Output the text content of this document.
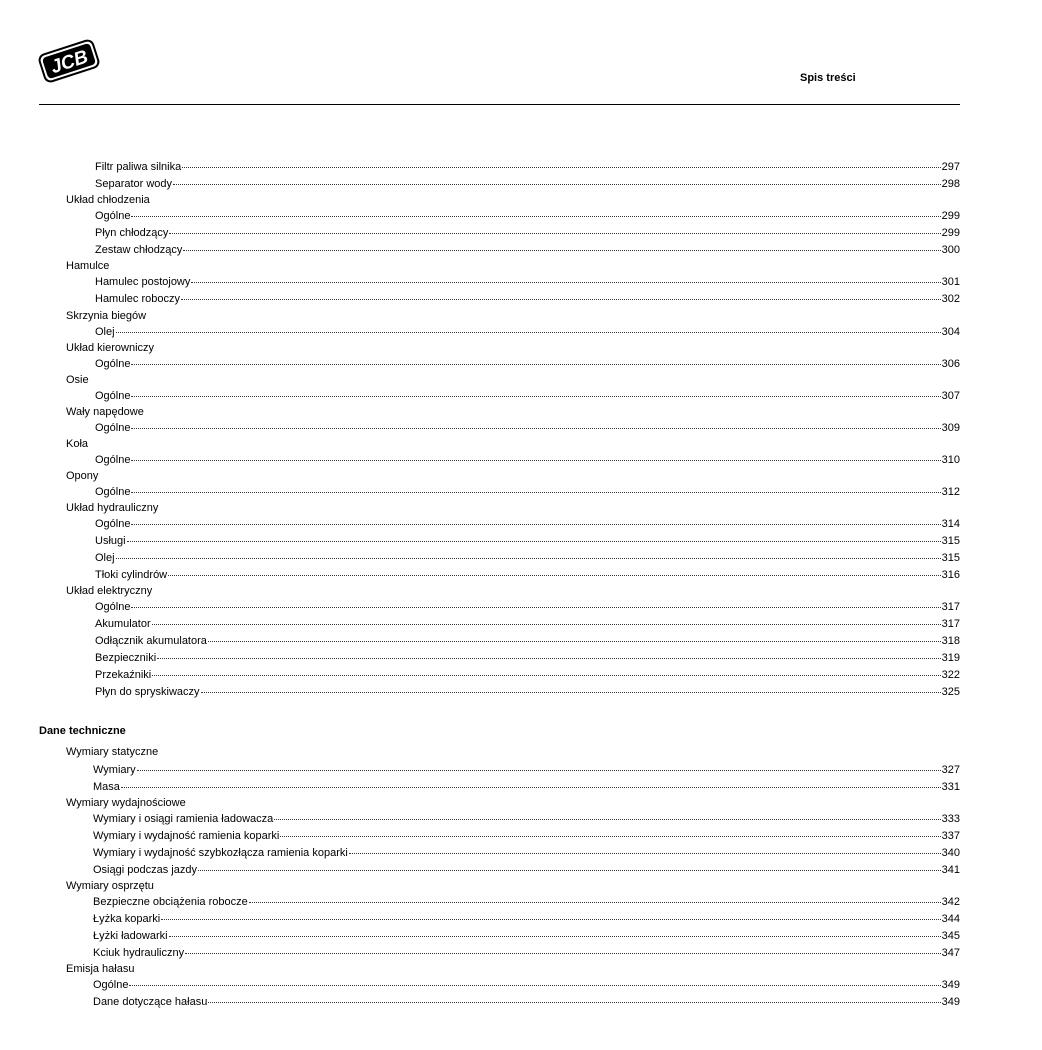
JCB	Spis treści
Filtr paliwa silnika	297
Separator wody	298
Układ chłodzenia
Ogólne	299
Płyn chłodzący	299
Zestaw chłodzący	300
Hamulce
Hamulec postojowy	301
Hamulec roboczy	302
Skrzynia biegów
Olej	304
Układ kierowniczy
Ogólne	306
Osie
Ogólne	307
Wały napędowe
Ogólne	309
Koła
Ogólne	310
Opony
Ogólne	312
Układ hydrauliczny
Ogólne	314
Usługi	315
Olej	315
Tłoki cylindrów	316
Układ elektryczny
Ogólne	317
Akumulator	317
Odłącznik akumulatora	318
Bezpieczniki	319
Przekaźniki	322
Płyn do spryskiwaczy	325
Dane techniczne
Wymiary statyczne
Wymiary	327
Masa	331
Wymiary wydajnościowe
Wymiary i osiągi ramienia ładowacza	333
Wymiary i wydajność ramienia koparki	337
Wymiary i wydajność szybkozłącza ramienia koparki	340
Osiągi podczas jazdy	341
Wymiary osprzętu
Bezpieczne obciążenia robocze	342
Łyżka koparki	344
Łyżki ładowarki	345
Kciuk hydrauliczny	347
Emisja hałasu
Ogólne	349
Dane dotyczące hałasu	349
